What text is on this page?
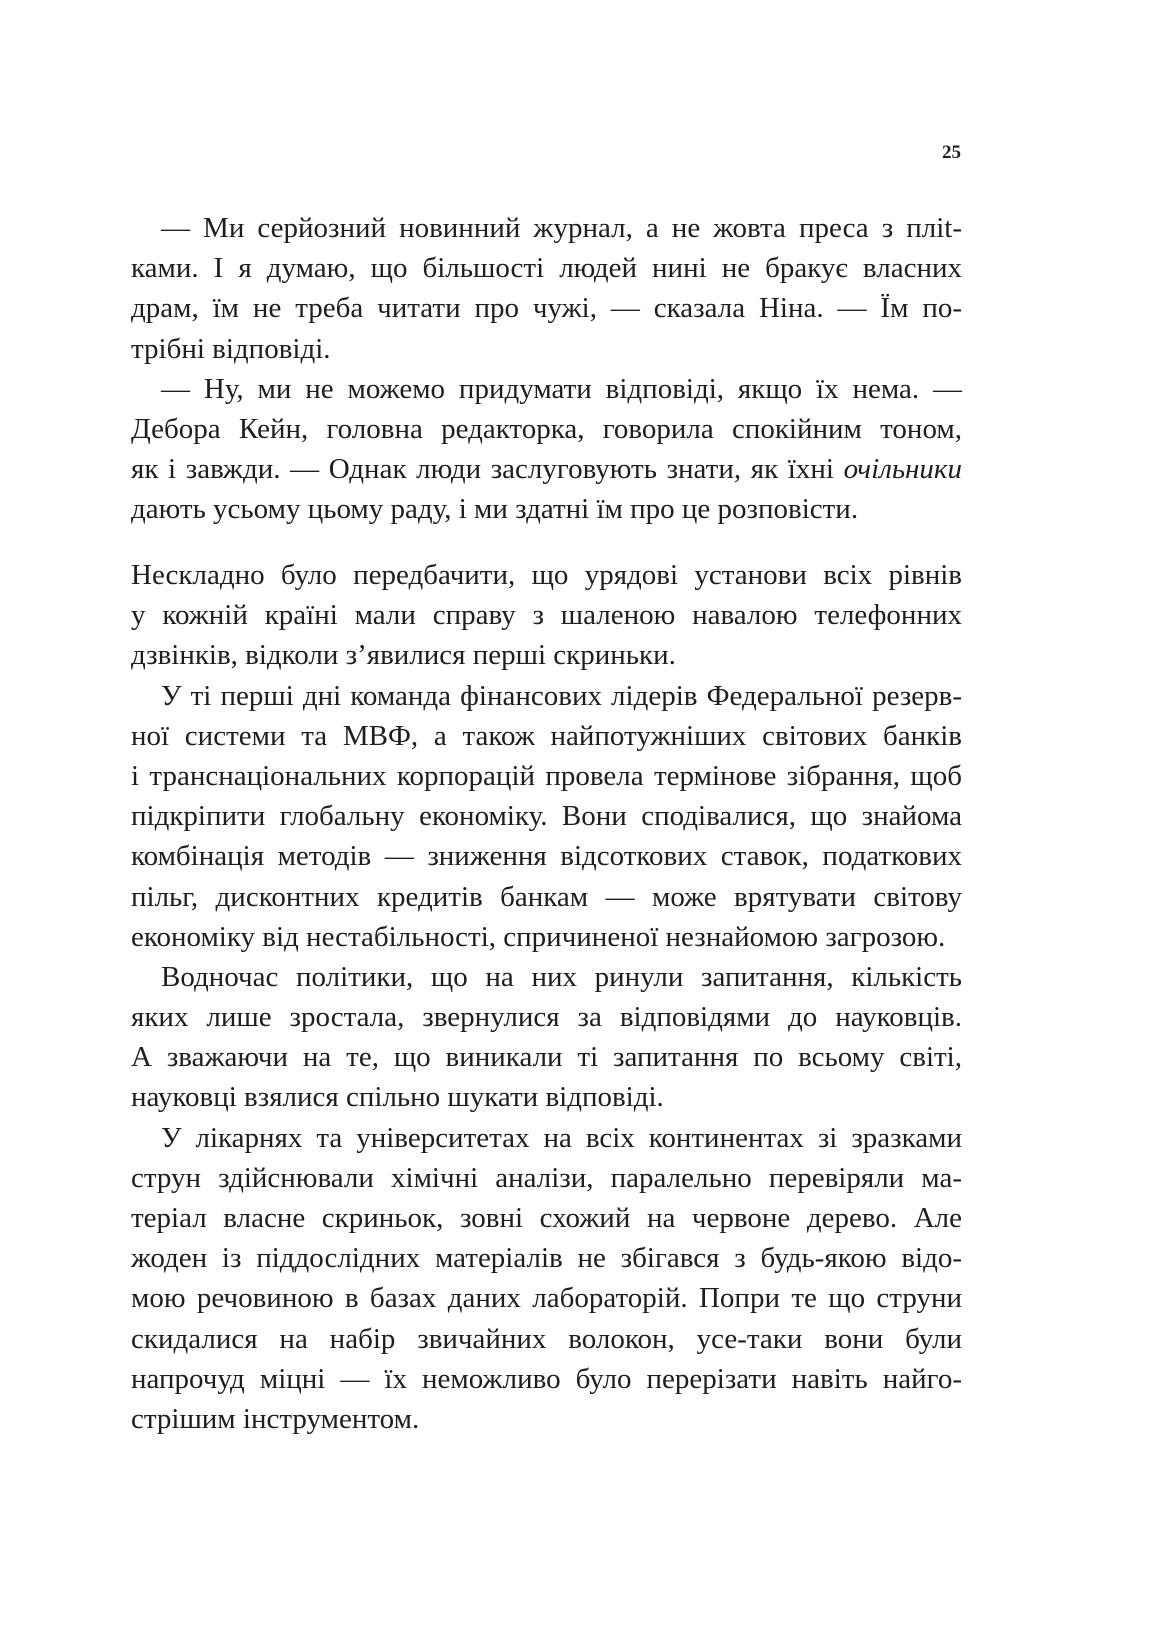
25
— Ми серйозний новинний журнал, а не жовта преса з плit-
ками. І я думаю, що більшості людей нині не бракує власних
драм, їм не треба читати про чужі, — сказала Ніна. — Їм по-
трібні відповіді.
— Ну, ми не можемо придумати відповіді, якщо їх нема. —
Дебора Кейн, головна редакторка, говорила спокійним тоном,
як і завжди. — Однак люди заслуговують знати, як їхні очільники
дають усьому цьому раду, і ми здатні їм про це розповісти.
Нескладно було передбачити, що урядові установи всіх рівнів
у кожній країні мали справу з шаленою навалою телефонних
дзвінків, відколи з’явилися перші скриньки.
У ті перші дні команда фінансових лідерів Федеральної резерв-
ної системи та МВФ, а також найпотужніших світових банків
і транснаціональних корпорацій провела термінове зібрання, щоб
підкріпити глобальну економіку. Вони сподівалися, що знайома
комбінація методів — зниження відсоткових ставок, податкових
пільг, дисконтних кредитів банкам — може врятувати світову
економіку від нестабільності, спричиненої незнайомою загрозою.
Водночас політики, що на них ринули запитання, кількість
яких лише зростала, звернулися за відповідями до науковців.
А зважаючи на те, що виникали ті запитання по всьому світі,
науковці взялися спільно шукати відповіді.
У лікарнях та університетах на всіх континентах зі зразками
струн здійснювали хімічні аналізи, паралельно перевіряли ма-
теріал власне скриньок, зовні схожий на червоне дерево. Але
жоден із піддослідних матеріалів не збігався з будь-якою відо-
мою речовиною в базах даних лабораторій. Попри те що струни
скидалися на набір звичайних волокон, усе-таки вони були
напрочуд міцні — їх неможливо було перерізати навіть найго-
стрішим інструментом.
